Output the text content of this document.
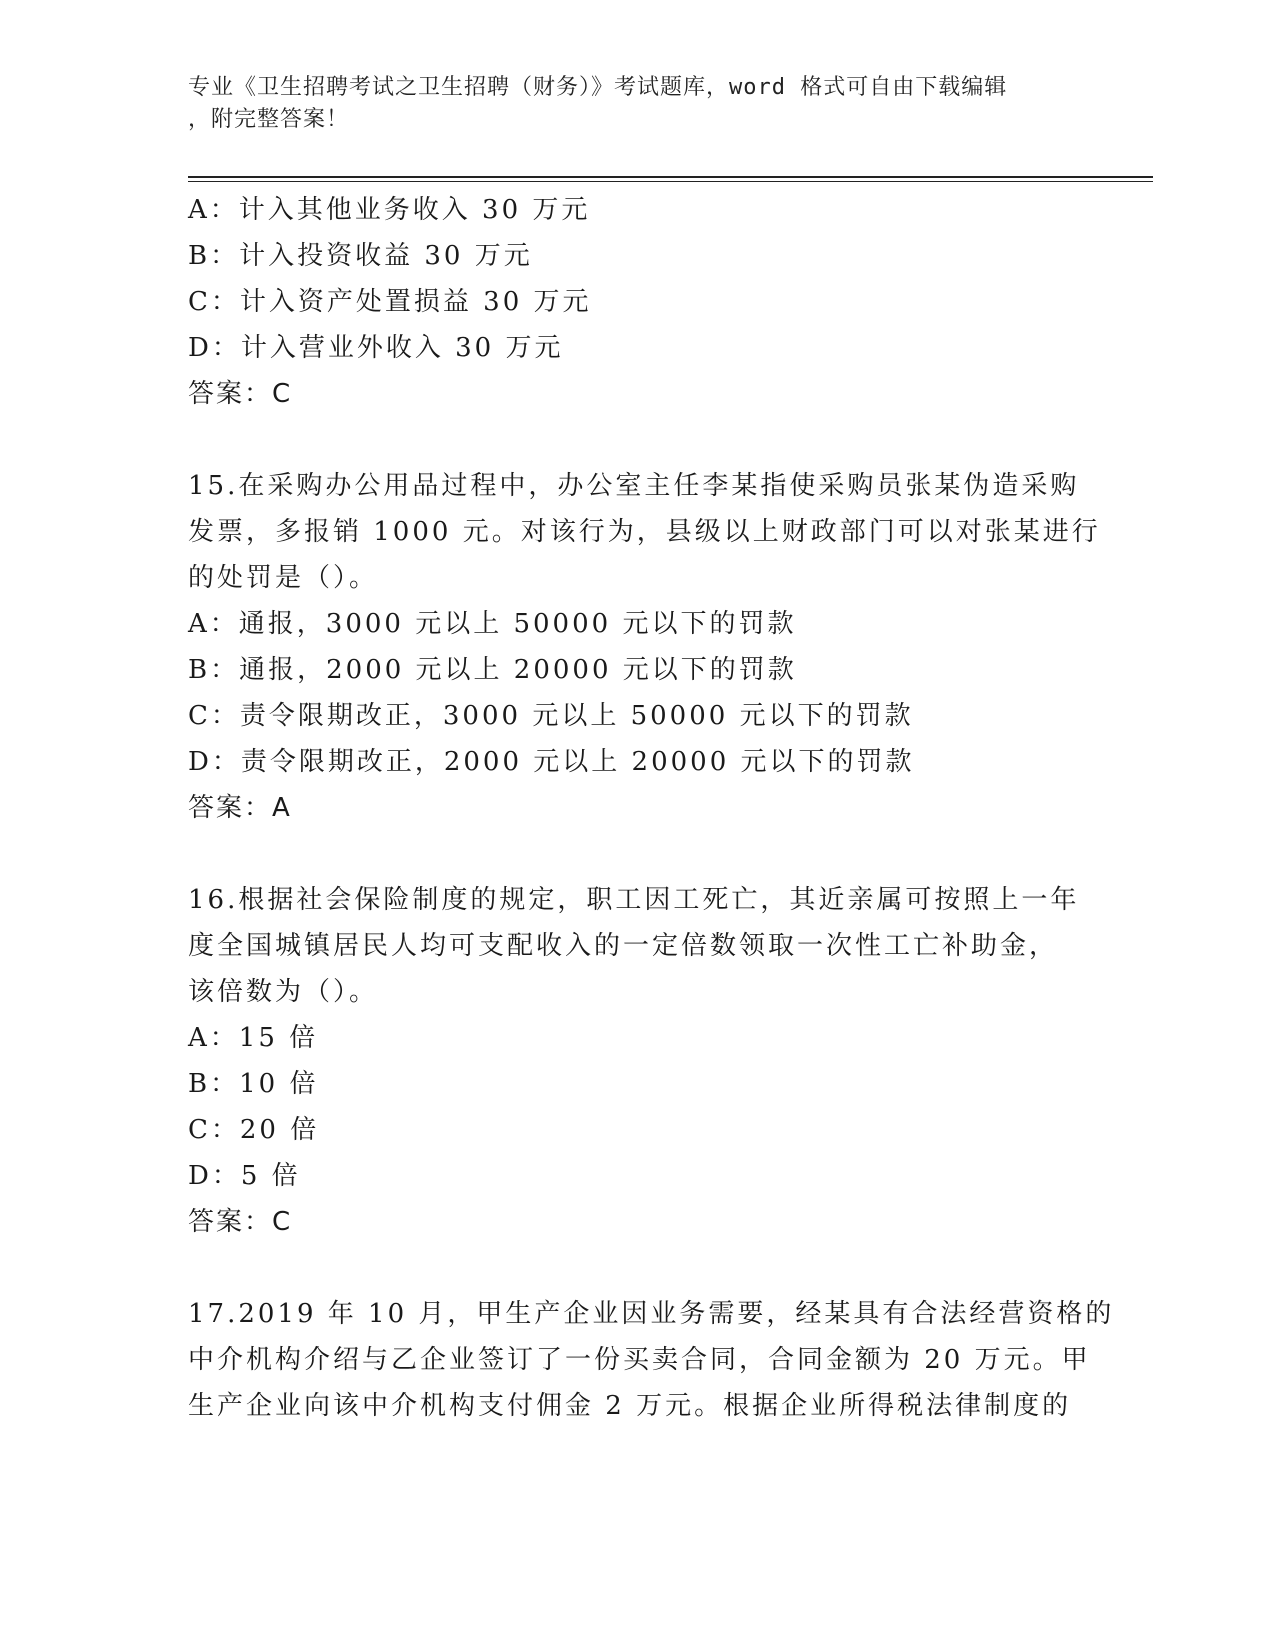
专业《卫生招聘考试之卫生招聘（财务）》考试题库，word 格式可自由下载编辑
，附完整答案！
A：计入其他业务收入 30 万元
B：计入投资收益 30 万元
C：计入资产处置损益 30 万元
D：计入营业外收入 30 万元
答案：C
15.在采购办公用品过程中，办公室主任李某指使采购员张某伪造采购
发票，多报销 1000 元。对该行为，县级以上财政部门可以对张某进行
的处罚是（）。
A：通报，3000 元以上 50000 元以下的罚款
B：通报，2000 元以上 20000 元以下的罚款
C：责令限期改正，3000 元以上 50000 元以下的罚款
D：责令限期改正，2000 元以上 20000 元以下的罚款
答案：A
16.根据社会保险制度的规定，职工因工死亡，其近亲属可按照上一年
度全国城镇居民人均可支配收入的一定倍数领取一次性工亡补助金，
该倍数为（）。
A：15 倍
B：10 倍
C：20 倍
D：5 倍
答案：C
17.2019 年 10 月，甲生产企业因业务需要，经某具有合法经营资格的
中介机构介绍与乙企业签订了一份买卖合同，合同金额为 20 万元。甲
生产企业向该中介机构支付佣金 2 万元。根据企业所得税法律制度的
